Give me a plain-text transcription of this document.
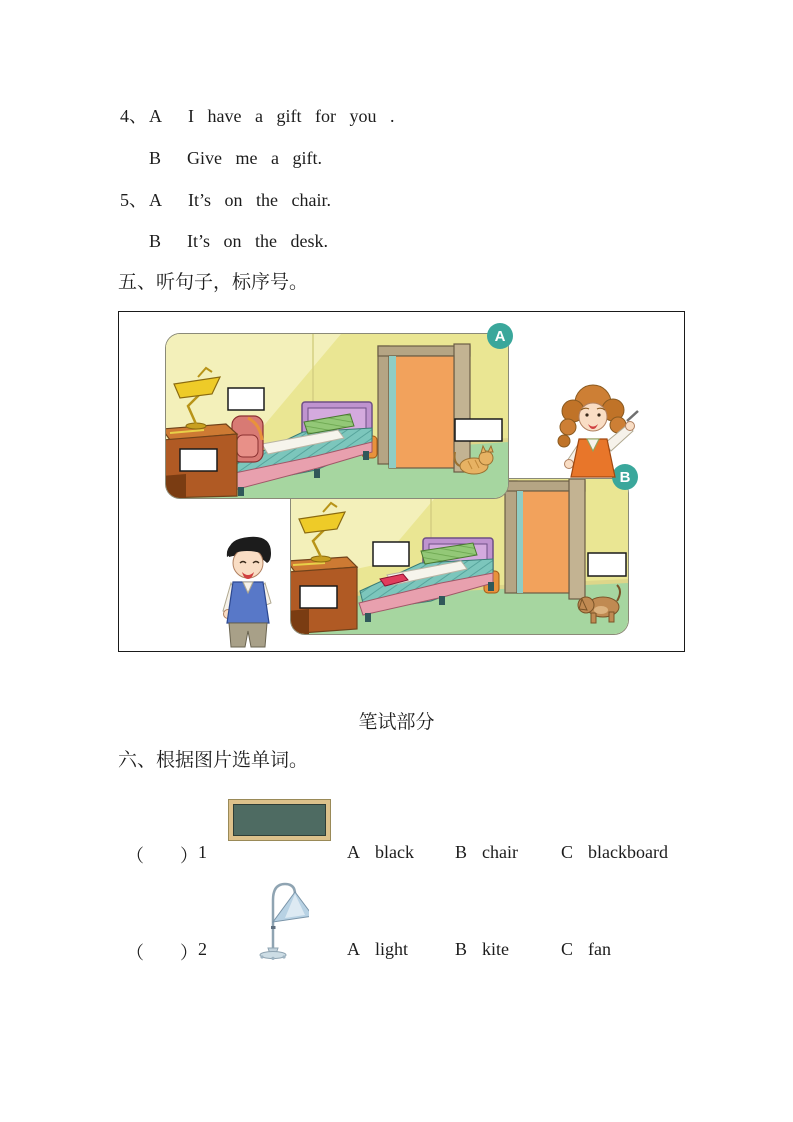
4、 A I have a gift for you .
B Give me a gift.
5、 A It’s on the chair.
B It’s on the desk.
五、听句子，标序号。
A
B
笔试部分
六、根据图片选单词。
（　　） 1	A black B chair C blackboard
（　　） 2	A light	B kite	C fan
